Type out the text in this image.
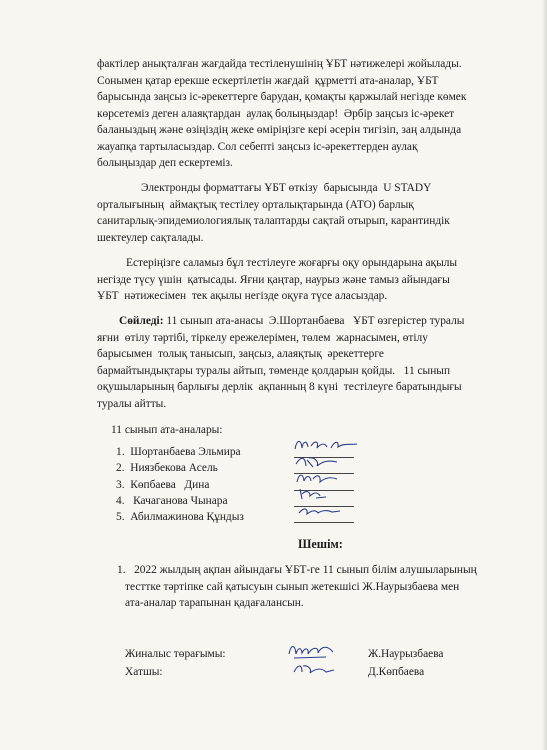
фактілер анықталған жағдайда тестіленушінің ҰБТ нәтижелері жойылады.

Сонымен қатар ерекше ескертілетін жағдай  құрметті ата-аналар, ҰБТ

барысында заңсыз іс-әрекеттерге барудан, қомақты қаржылай негізде көмек

көрсетеміз деген алаяқтардан  аулақ болыңыздар!  Әрбір заңсыз іс-әрекет

баланыздың және өзіңіздің жеке өмірiңізге кері әсерін тигізіп, заң алдында

жауапқа тартыласыздар. Сол себепті заңсыз іс-әрекеттерден аулақ

болыңыздар деп ескертеміз.

Электронды форматтағы ҰБТ өткізу  барысында  U STADY

орталығының  аймақтық тестілеу орталықтарында (АТО) барлық

санитарлық-эпидемиологиялық талаптарды сақтай отырып, карантиндік

шектеулер сақталады.

Естеріңізге саламыз бұл тестілеуге жоғарғы оқу орындарына ақылы

негізде түсу үшін  қатысады. Яғни қаңтар, наурыз және тамыз айындағы

ҰБТ  нәтижесімен  тек ақылы негізде оқуға түсе аласыздар.

Сөйледі: 11 сынып ата-анасы  Э.Шортанбаева   ҰБТ өзгерістер туралы

яғни  өтілу тәртібі, тіркелу ережелерімен, төлем  жарнасымен, өтілу

барысымен  толық танысып, заңсыз, алаяқтық  әрекеттерге

бармайтындықтары туралы айтып, төменде қолдарын қойды.   11 сынып

оқушыларының барлығы дерлік  ақпанның 8 күні  тестілеуге баратындығы

туралы айтты.

11 сынып ата-аналары:

1.  Шортанбаева Эльмира
2.  Ниязбекова Асель
3.  Көпбаева   Дина
4.   Качаганова Чынара
5.  Абилмажинова Құндыз

Шешім:

1.   2022 жылдың ақпан айындағы ҰБТ-ге 11 сынып білім алушыларының

тесттке тәртіпке сай қатысуын сынып жетекшісі Ж.Наурызбаева мен

ата-аналар тарапынан қадағалансын.

Жиналыс төрағымы:

Хатшы:

Ж.Наурызбаева

Д.Көпбаева
